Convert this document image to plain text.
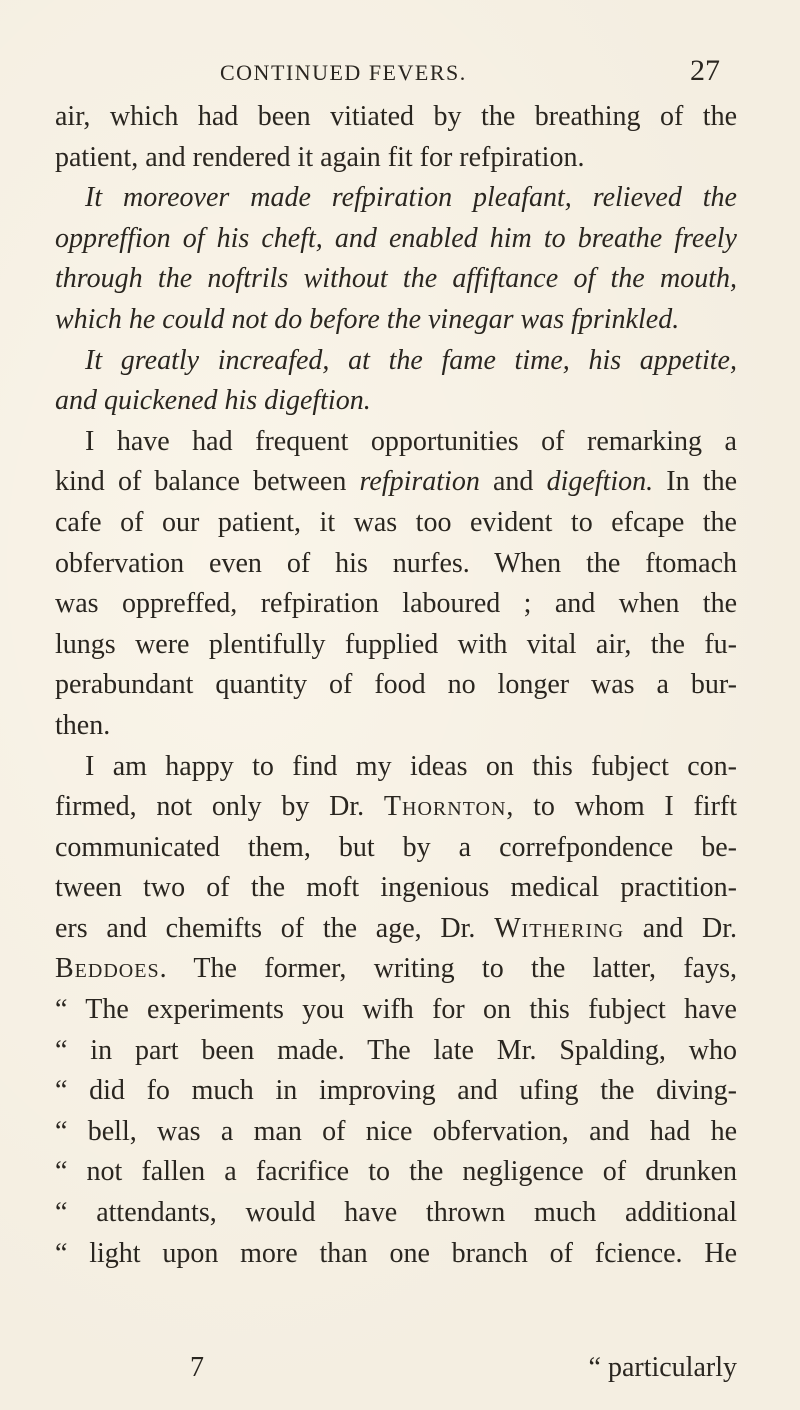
CONTINUED FEVERS.	27
air, which had been vitiated by the breathing of the
patient, and rendered it again fit for refpiration.
It moreover made refpiration pleafant, relieved the
oppreffion of his cheft, and enabled him to breathe freely
through the noftrils without the affiftance of the mouth,
which he could not do before the vinegar was fprinkled.
It greatly increafed, at the fame time, his appetite,
and quickened his digeftion.
I have had frequent opportunities of remarking a
kind of balance between refpiration and digeftion. In the
cafe of our patient, it was too evident to efcape the
obfervation even of his nurfes. When the ftomach
was oppreffed, refpiration laboured ; and when the
lungs were plentifully fupplied with vital air, the fu-
perabundant quantity of food no longer was a bur-
then.
I am happy to find my ideas on this fubject con-
firmed, not only by Dr. Thornton, to whom I firft
communicated them, but by a correfpondence be-
tween two of the moft ingenious medical practition-
ers and chemifts of the age, Dr. Withering and Dr.
Beddoes. The former, writing to the latter, fays,
“ The experiments you wifh for on this fubject have
“ in part been made. The late Mr. Spalding, who
“ did fo much in improving and ufing the diving-
“ bell, was a man of nice obfervation, and had he
“ not fallen a facrifice to the negligence of drunken
“ attendants, would have thrown much additional
“ light upon more than one branch of fcience. He
7	“ particularly
